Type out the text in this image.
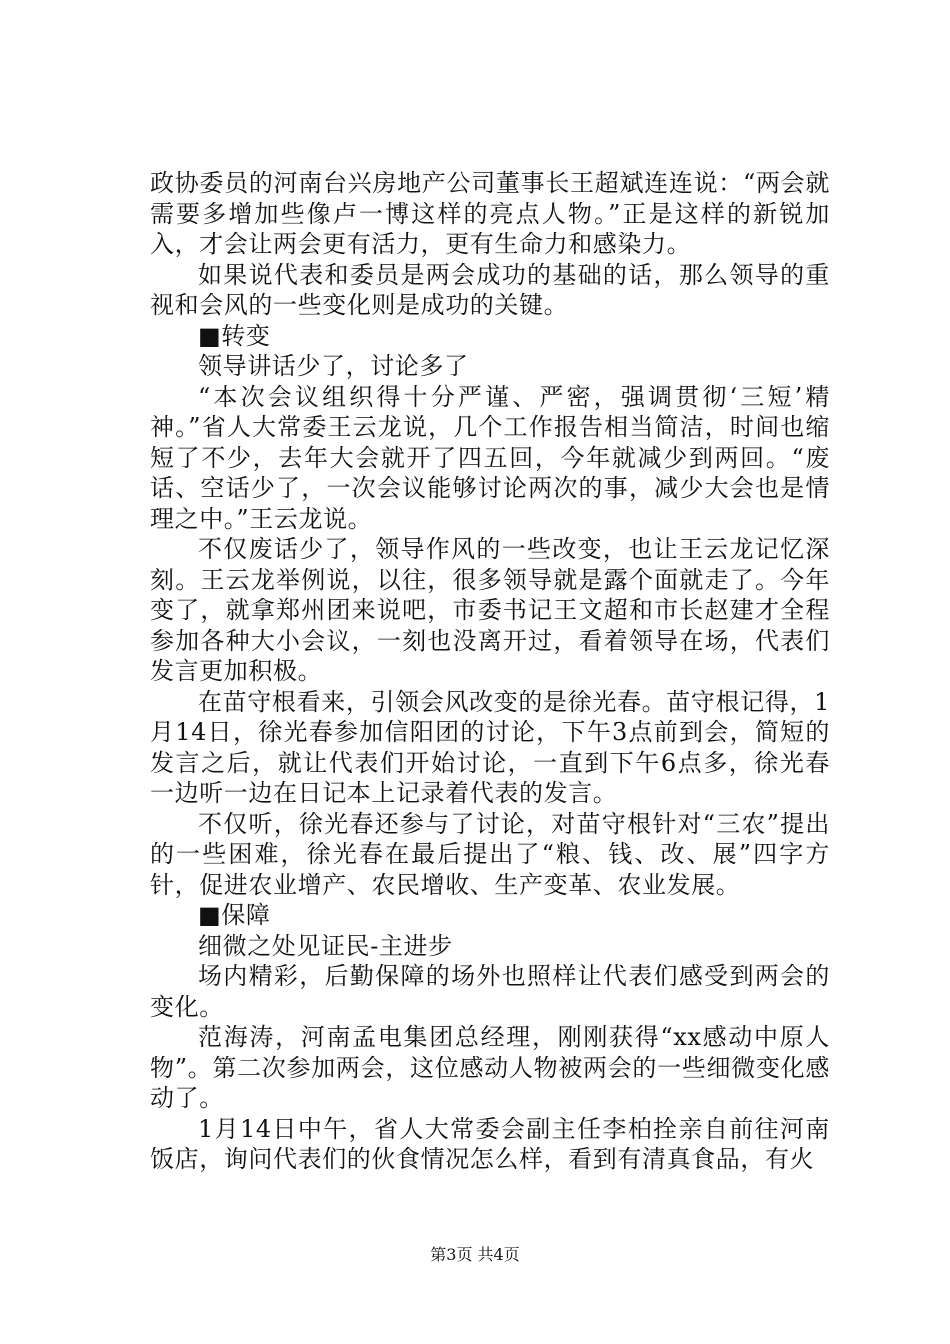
政协委员的河南台兴房地产公司董事长王超斌连连说：“两会就需要多增加些像卢一博这样的亮点人物。”正是这样的新锐加入，才会让两会更有活力，更有生命力和感染力。

如果说代表和委员是两会成功的基础的话，那么领导的重视和会风的一些变化则是成功的关键。

■转变

领导讲话少了，讨论多了

“本次会议组织得十分严谨、严密，强调贯彻‘三短’精神。”省人大常委王云龙说，几个工作报告相当简洁，时间也缩短了不少，去年大会就开了四五回，今年就减少到两回。“废话、空话少了，一次会议能够讨论两次的事，减少大会也是情理之中。”王云龙说。

不仅废话少了，领导作风的一些改变，也让王云龙记忆深刻。王云龙举例说，以往，很多领导就是露个面就走了。今年变了，就拿郑州团来说吧，市委书记王文超和市长赵建才全程参加各种大小会议，一刻也没离开过，看着领导在场，代表们发言更加积极。

在苗守根看来，引领会风改变的是徐光春。苗守根记得，1月14日，徐光春参加信阳团的讨论，下午3点前到会，简短的发言之后，就让代表们开始讨论，一直到下午6点多，徐光春一边听一边在日记本上记录着代表的发言。

不仅听，徐光春还参与了讨论，对苗守根针对“三农”提出的一些困难，徐光春在最后提出了“粮、钱、改、展”四字方针，促进农业增产、农民增收、生产变革、农业发展。

■保障

细微之处见证民-主进步

场内精彩，后勤保障的场外也照样让代表们感受到两会的变化。

范海涛，河南孟电集团总经理，刚刚获得“xx感动中原人物”。第二次参加两会，这位感动人物被两会的一些细微变化感动了。

1月14日中午，省人大常委会副主任李柏拴亲自前往河南饭店，询问代表们的伙食情况怎么样，看到有清真食品，有火

第3页 共4页
